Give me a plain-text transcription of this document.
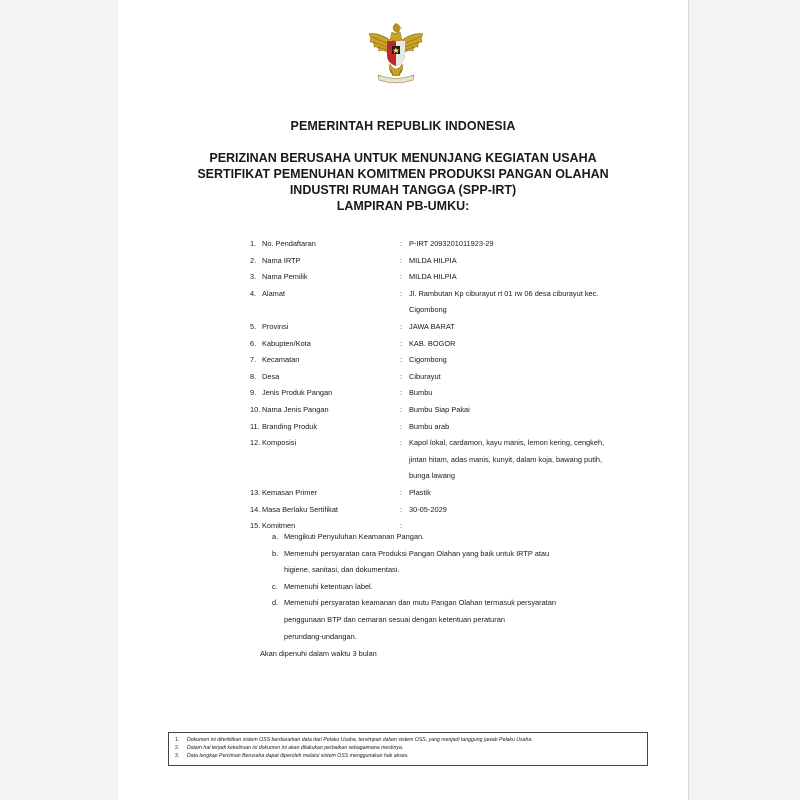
PEMERINTAH REPUBLIK INDONESIA
PERIZINAN BERUSAHA UNTUK MENUNJANG KEGIATAN USAHA
SERTIFIKAT PEMENUHAN KOMITMEN PRODUKSI PANGAN OLAHAN
INDUSTRI RUMAH TANGGA (SPP-IRT)
LAMPIRAN PB-UMKU:
1. No. Pendaftaran	: P-IRT 2093201011923-29
2. Nama IRTP	: MILDA HILPIA
3. Nama Pemilik	: MILDA HILPIA
4. Alamat	: Jl. Rambutan Kp ciburayut rt 01 rw 06 desa ciburayut kec.
Cigombong
5. Provinsi	: JAWA BARAT
6. Kabupten/Kota	: KAB. BOGOR
7. Kecamatan	: Cigombong
8. Desa	: Ciburayut
9. Jenis Produk Pangan	: Bumbu
10. Nama Jenis Pangan	: Bumbu Siap Pakai
11. Branding Produk	: Bumbu arab
12. Komposisi	: Kapol lokal, cardamon, kayu manis, lemon kering, cengkeh,
jintan hitam, adas manis, kunyit, dalam koja, bawang putih,
bunga lawang
13. Kemasan Primer	: Plastik
14. Masa Berlaku Sertifikat	: 30-05-2029
15. Komitmen	:

a. Mengikuti Penyuluhan Keamanan Pangan.
b. Memenuhi persyaratan cara Produksi Pangan Olahan yang baik untuk IRTP atau
higiene, sanitasi, dan dokumentasi.
c. Memenuhi ketentuan label.
d. Memenuhi persyaratan keamanan dan mutu Pangan Olahan termasuk persyaratan
penggunaan BTP dan cemaran sesuai dengan ketentuan peraturan
perundang-undangan.
Akan dipenuhi dalam waktu 3 bulan
1.	Dokumen ini diterbitkan sistem OSS berdasarkan data dari Pelaku Usaha, tersimpan dalam sistem OSS, yang menjadi tanggung jawab Pelaku Usaha.
2.	Dalam hal terjadi kekeliruan isi dokumen ini akan dilakukan perbaikan sebagaimana mestinya.
3.	Data lengkap Perizinan Berusaha dapat diperoleh melalui sistem OSS menggunakan hak akses.
